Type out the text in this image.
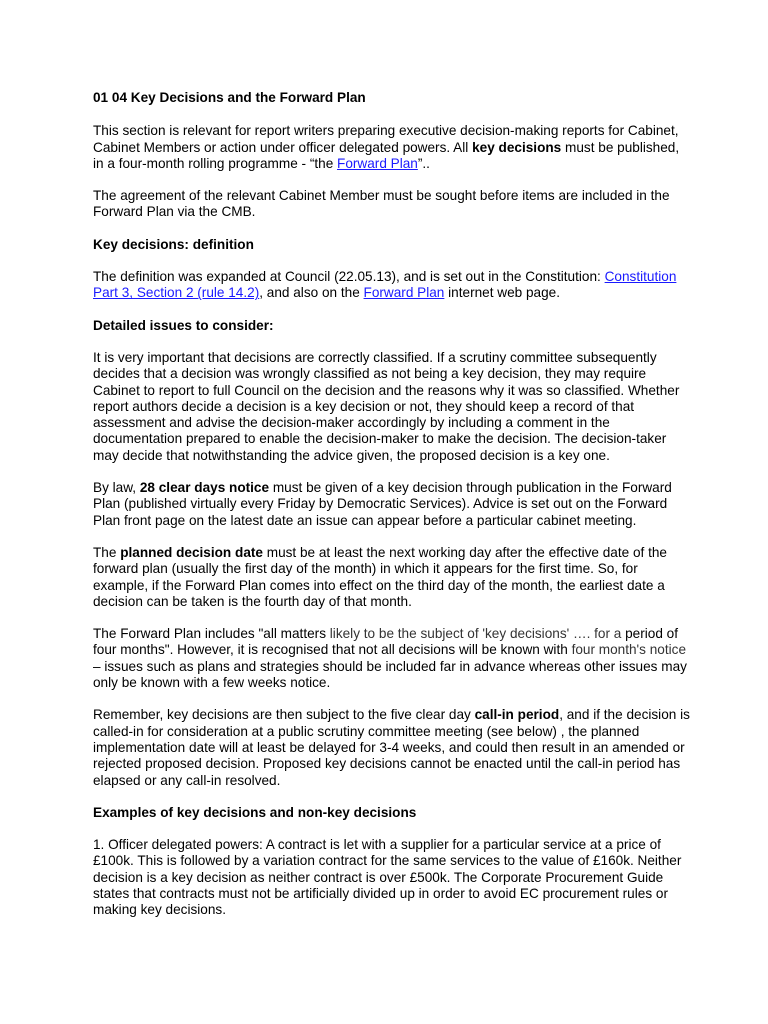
01 04 Key Decisions and the Forward Plan

This section is relevant for report writers preparing executive decision-making reports for Cabinet, Cabinet Members or action under officer delegated powers. All key decisions must be published, in a four-month rolling programme - “the Forward Plan”..

The agreement of the relevant Cabinet Member must be sought before items are included in the Forward Plan via the CMB.

Key decisions: definition

The definition was expanded at Council (22.05.13), and is set out in the Constitution: Constitution Part 3, Section 2 (rule 14.2), and also on the Forward Plan internet web page.

Detailed issues to consider:

It is very important that decisions are correctly classified. If a scrutiny committee subsequently decides that a decision was wrongly classified as not being a key decision, they may require Cabinet to report to full Council on the decision and the reasons why it was so classified. Whether report authors decide a decision is a key decision or not, they should keep a record of that assessment and advise the decision-maker accordingly by including a comment in the documentation prepared to enable the decision-maker to make the decision. The decision-taker may decide that notwithstanding the advice given, the proposed decision is a key one.

By law, 28 clear days notice must be given of a key decision through publication in the Forward Plan (published virtually every Friday by Democratic Services). Advice is set out on the Forward Plan front page on the latest date an issue can appear before a particular cabinet meeting.

The planned decision date must be at least the next working day after the effective date of the forward plan (usually the first day of the month) in which it appears for the first time. So, for example, if the Forward Plan comes into effect on the third day of the month, the earliest date a decision can be taken is the fourth day of that month.

The Forward Plan includes "all matters likely to be the subject of 'key decisions' …. for a period of four months". However, it is recognised that not all decisions will be known with four month's notice – issues such as plans and strategies should be included far in advance whereas other issues may only be known with a few weeks notice.

Remember, key decisions are then subject to the five clear day call-in period, and if the decision is called-in for consideration at a public scrutiny committee meeting (see below) , the planned implementation date will at least be delayed for 3-4 weeks, and could then result in an amended or rejected proposed decision. Proposed key decisions cannot be enacted until the call-in period has elapsed or any call-in resolved.

Examples of key decisions and non-key decisions

1. Officer delegated powers: A contract is let with a supplier for a particular service at a price of £100k. This is followed by a variation contract for the same services to the value of £160k. Neither decision is a key decision as neither contract is over £500k. The Corporate Procurement Guide states that contracts must not be artificially divided up in order to avoid EC procurement rules or making key decisions.
